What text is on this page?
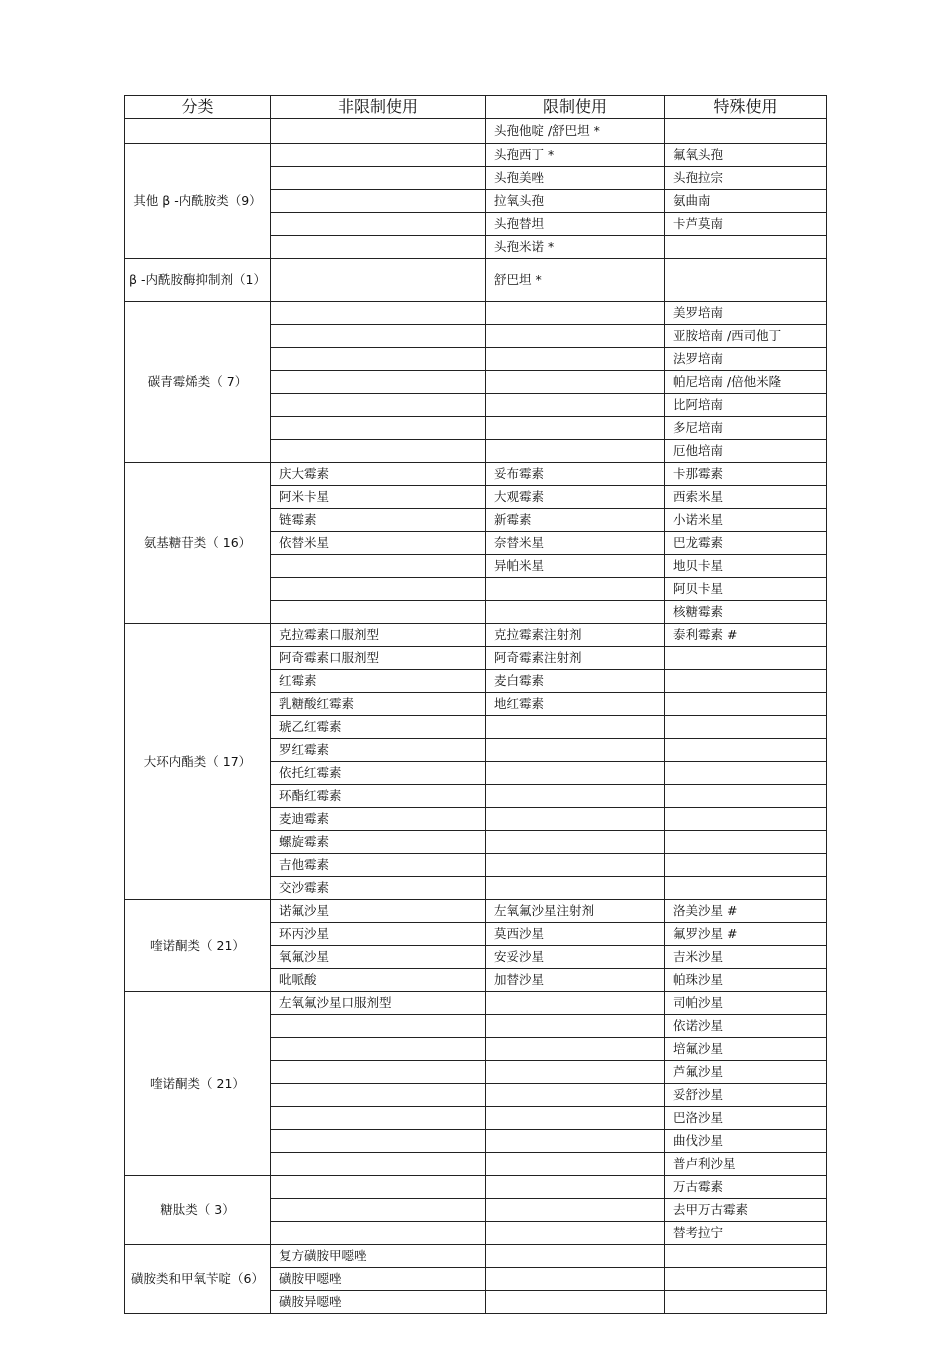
分类	非限制使用	限制使用	特殊使用
		头孢他啶 /舒巴坦 *	
其他 β -内酰胺类（9）		头孢西丁 *	氟氧头孢
		头孢美唑	头孢拉宗
		拉氧头孢	氨曲南
		头孢替坦	卡芦莫南
		头孢米诺 *	
β -内酰胺酶抑制剂（1）		舒巴坦 *	
碳青霉烯类（ 7）			美罗培南
			亚胺培南 /西司他丁
			法罗培南
			帕尼培南 /倍他米隆
			比阿培南
			多尼培南
			厄他培南
氨基糖苷类（ 16）	庆大霉素	妥布霉素	卡那霉素
	阿米卡星	大观霉素	西索米星
	链霉素	新霉素	小诺米星
	依替米星	奈替米星	巴龙霉素
		异帕米星	地贝卡星
			阿贝卡星
			核糖霉素
大环内酯类（ 17）	克拉霉素口服剂型	克拉霉素注射剂	泰利霉素 #
	阿奇霉素口服剂型	阿奇霉素注射剂	
	红霉素	麦白霉素	
	乳糖酸红霉素	地红霉素	
	琥乙红霉素		
	罗红霉素		
	依托红霉素		
	环酯红霉素		
	麦迪霉素		
	螺旋霉素		
	吉他霉素		
	交沙霉素		
喹诺酮类（ 21）	诺氟沙星	左氧氟沙星注射剂	洛美沙星 #
	环丙沙星	莫西沙星	氟罗沙星 #
	氧氟沙星	安妥沙星	吉米沙星
	吡哌酸	加替沙星	帕珠沙星
喹诺酮类（ 21）	左氧氟沙星口服剂型		司帕沙星
			依诺沙星
			培氟沙星
			芦氟沙星
			妥舒沙星
			巴洛沙星
			曲伐沙星
			普卢利沙星
糖肽类（ 3）			万古霉素
			去甲万古霉素
			替考拉宁
磺胺类和甲氧苄啶（6）	复方磺胺甲噁唑		
	磺胺甲噁唑		
	磺胺异噁唑		
